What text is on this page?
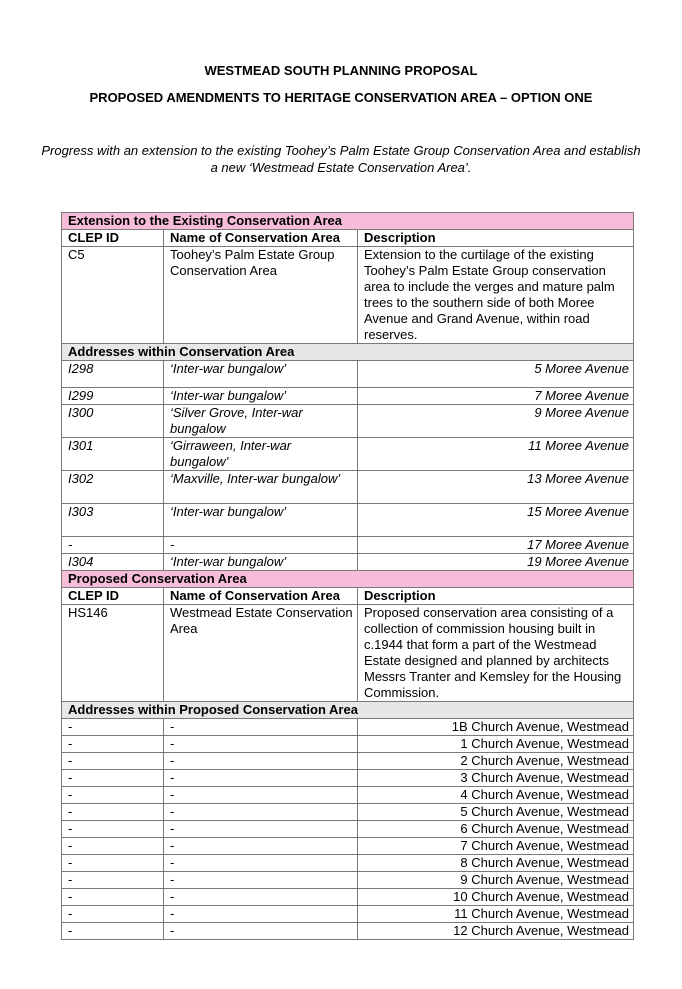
WESTMEAD SOUTH PLANNING PROPOSAL
PROPOSED AMENDMENTS TO HERITAGE CONSERVATION AREA – OPTION ONE
Progress with an extension to the existing Toohey’s Palm Estate Group Conservation Area and establish a new ‘Westmead Estate Conservation Area’.
Extension to the Existing Conservation Area		
CLEP ID	Name of Conservation Area	Description
C5	Toohey’s Palm Estate Group Conservation Area	Extension to the curtilage of the existing Toohey’s Palm Estate Group conservation area to include the verges and mature palm trees to the southern side of both Moree Avenue and Grand Avenue, within road reserves.
Addresses within Conservation Area		
I298	‘Inter-war bungalow’	5 Moree Avenue
I299	‘Inter-war bungalow’	7 Moree Avenue
I300	‘Silver Grove, Inter-war bungalow	9 Moree Avenue
I301	‘Girraween, Inter-war bungalow’	11 Moree Avenue
I302	‘Maxville, Inter-war bungalow’	13 Moree Avenue
I303	‘Inter-war bungalow’	15 Moree Avenue
-	-	17 Moree Avenue
I304	‘Inter-war bungalow’	19 Moree Avenue
Proposed Conservation Area		
CLEP ID	Name of Conservation Area	Description
HS146	Westmead Estate Conservation Area	Proposed conservation area consisting of a collection of commission housing built in c.1944 that form a part of the Westmead Estate designed and planned by architects Messrs Tranter and Kemsley for the Housing Commission.
Addresses within Proposed Conservation Area		
-	-	1B Church Avenue, Westmead
-	-	1 Church Avenue, Westmead
-	-	2 Church Avenue, Westmead
-	-	3 Church Avenue, Westmead
-	-	4 Church Avenue, Westmead
-	-	5 Church Avenue, Westmead
-	-	6 Church Avenue, Westmead
-	-	7 Church Avenue, Westmead
-	-	8 Church Avenue, Westmead
-	-	9 Church Avenue, Westmead
-	-	10 Church Avenue, Westmead
-	-	11 Church Avenue, Westmead
-	-	12 Church Avenue, Westmead
